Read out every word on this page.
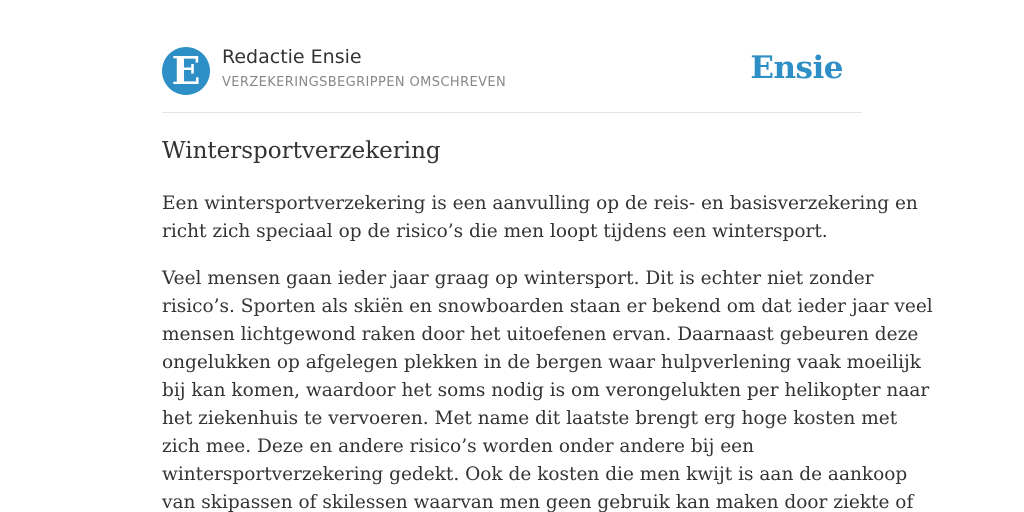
E	Redactie Ensie
VERZEKERINGSBEGRIPPEN OMSCHREVEN	Ensie
Wintersportverzekering

Een wintersportverzekering is een aanvulling op de reis- en basisverzekering en
richt zich speciaal op de risico’s die men loopt tijdens een wintersport.

Veel mensen gaan ieder jaar graag op wintersport. Dit is echter niet zonder
risico’s. Sporten als skiën en snowboarden staan er bekend om dat ieder jaar veel
mensen lichtgewond raken door het uitoefenen ervan. Daarnaast gebeuren deze
ongelukken op afgelegen plekken in de bergen waar hulpverlening vaak moeilijk
bij kan komen, waardoor het soms nodig is om verongelukten per helikopter naar
het ziekenhuis te vervoeren. Met name dit laatste brengt erg hoge kosten met
zich mee. Deze en andere risico’s worden onder andere bij een
wintersportverzekering gedekt. Ook de kosten die men kwijt is aan de aankoop
van skipassen of skilessen waarvan men geen gebruik kan maken door ziekte of
